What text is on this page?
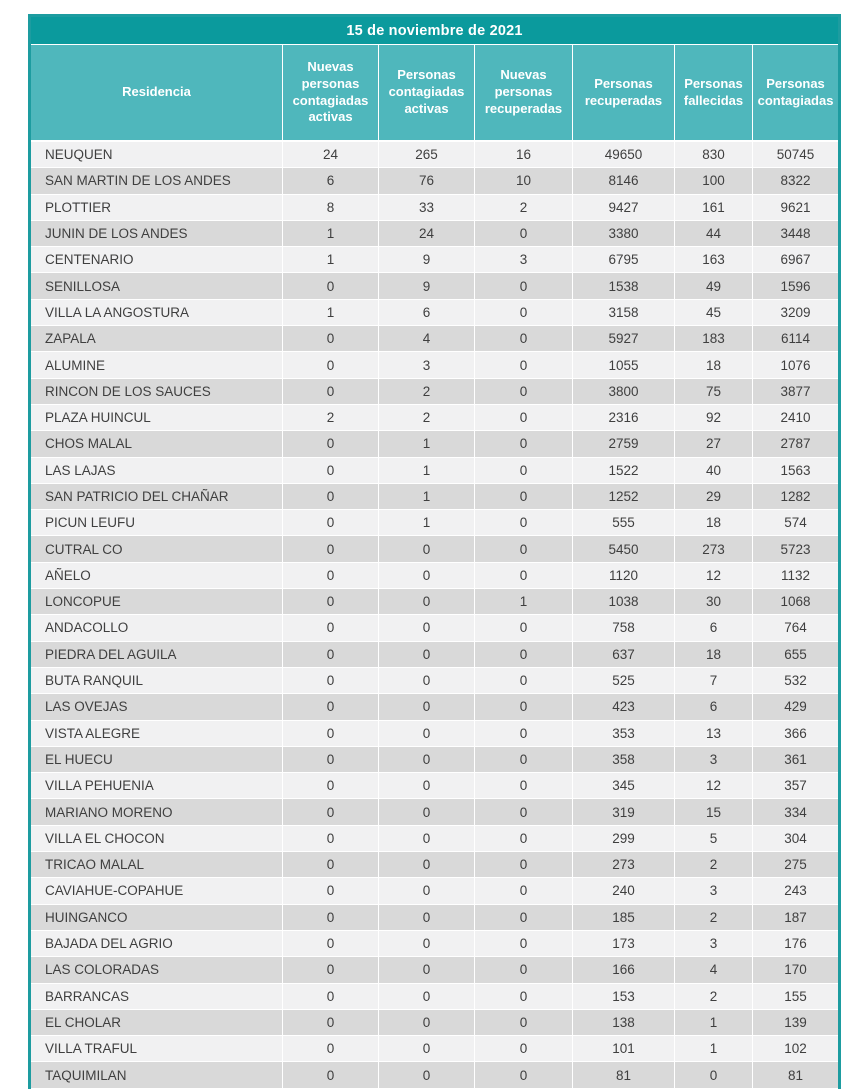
15 de noviembre de 2021						
Residencia	Nuevas personas contagiadas activas	Personas contagiadas activas	Nuevas personas recuperadas	Personas recuperadas	Personas fallecidas	Personas contagiadas
NEUQUEN	24	265	16	49650	830	50745
SAN MARTIN DE LOS ANDES	6	76	10	8146	100	8322
PLOTTIER	8	33	2	9427	161	9621
JUNIN DE LOS ANDES	1	24	0	3380	44	3448
CENTENARIO	1	9	3	6795	163	6967
SENILLOSA	0	9	0	1538	49	1596
VILLA LA ANGOSTURA	1	6	0	3158	45	3209
ZAPALA	0	4	0	5927	183	6114
ALUMINE	0	3	0	1055	18	1076
RINCON DE LOS SAUCES	0	2	0	3800	75	3877
PLAZA HUINCUL	2	2	0	2316	92	2410
CHOS MALAL	0	1	0	2759	27	2787
LAS LAJAS	0	1	0	1522	40	1563
SAN PATRICIO DEL CHAÑAR	0	1	0	1252	29	1282
PICUN LEUFU	0	1	0	555	18	574
CUTRAL CO	0	0	0	5450	273	5723
AÑELO	0	0	0	1120	12	1132
LONCOPUE	0	0	1	1038	30	1068
ANDACOLLO	0	0	0	758	6	764
PIEDRA DEL AGUILA	0	0	0	637	18	655
BUTA RANQUIL	0	0	0	525	7	532
LAS OVEJAS	0	0	0	423	6	429
VISTA ALEGRE	0	0	0	353	13	366
EL HUECU	0	0	0	358	3	361
VILLA PEHUENIA	0	0	0	345	12	357
MARIANO MORENO	0	0	0	319	15	334
VILLA EL CHOCON	0	0	0	299	5	304
TRICAO MALAL	0	0	0	273	2	275
CAVIAHUE-COPAHUE	0	0	0	240	3	243
HUINGANCO	0	0	0	185	2	187
BAJADA DEL AGRIO	0	0	0	173	3	176
LAS COLORADAS	0	0	0	166	4	170
BARRANCAS	0	0	0	153	2	155
EL CHOLAR	0	0	0	138	1	139
VILLA TRAFUL	0	0	0	101	1	102
TAQUIMILAN	0	0	0	81	0	81
